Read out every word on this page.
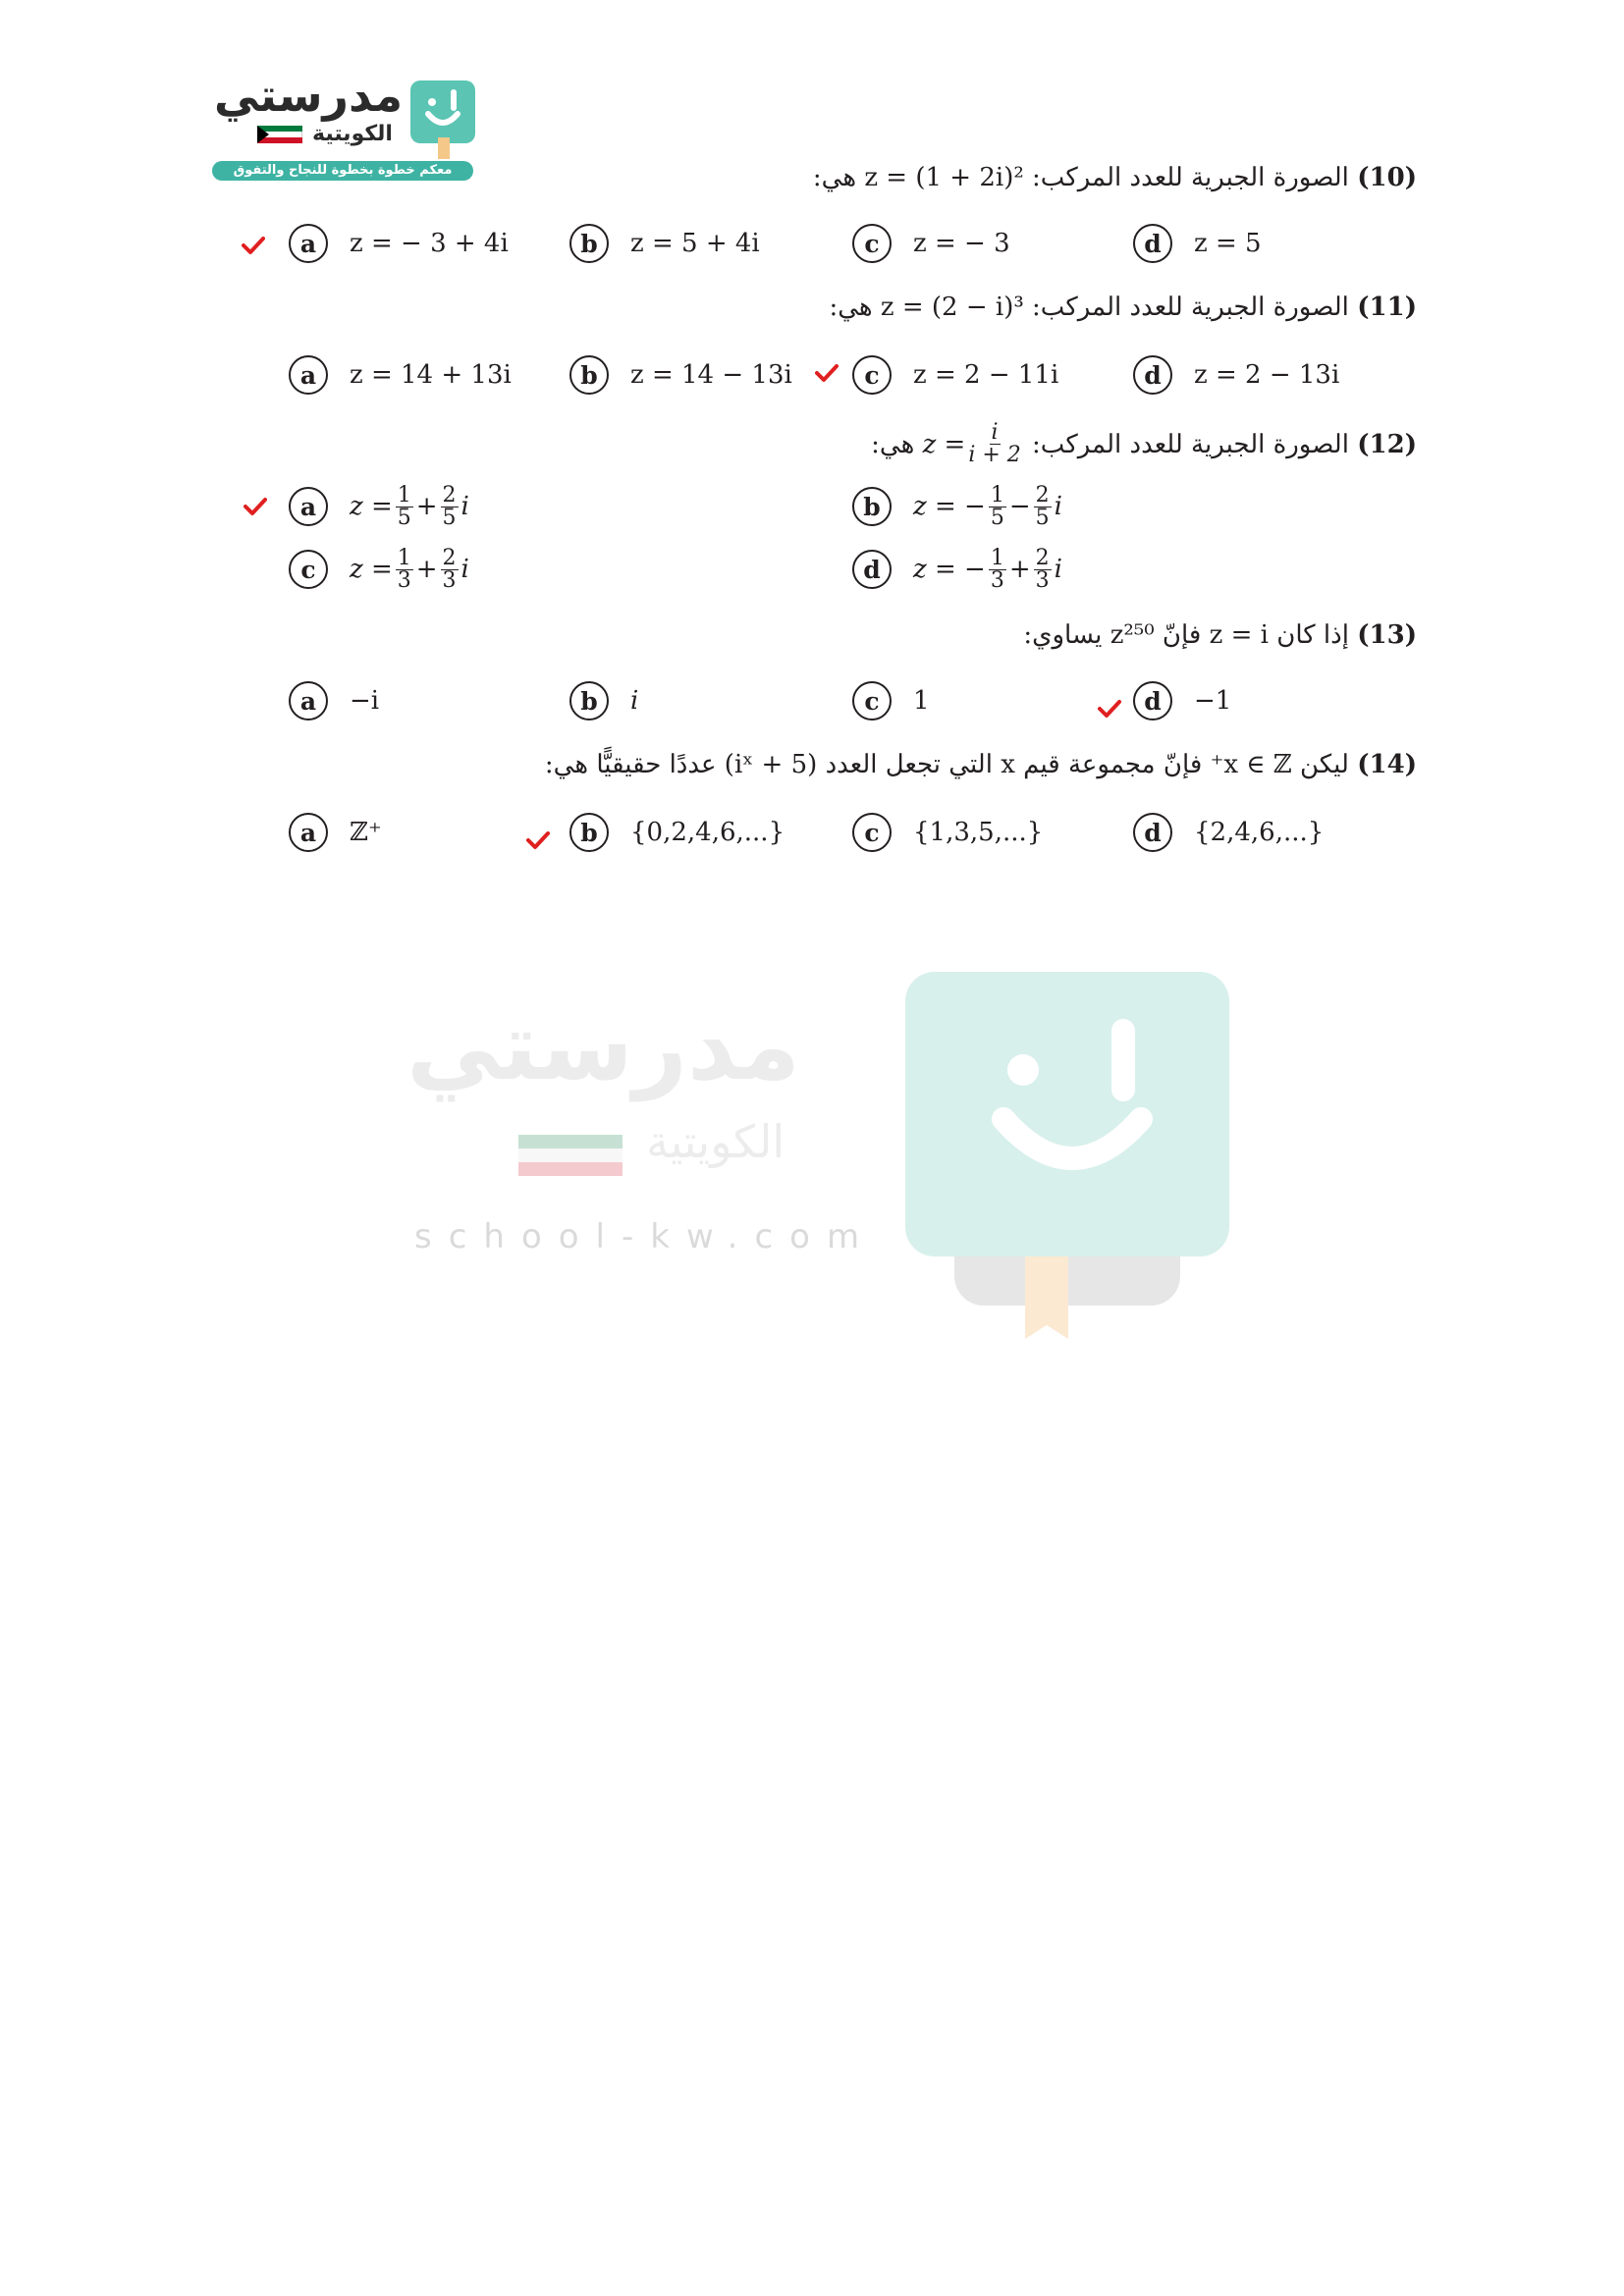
مدرستي
الكويتية
معكم خطوة بخطوة للنجاح والتفوق	(10) الصورة الجبرية للعدد المركب: z = (1 + 2i)² هي:
a	z = − 3 + 4i	b	z = 5 + 4i	c	z = − 3	d	z = 5
(11) الصورة الجبرية للعدد المركب: z = (2 − i)³ هي:
a	z = 14 + 13i	b	z = 14 − 13i	c	z = 2 − 11i	d	z = 2 − 13i
(12)

الصورة الجبرية للعدد المركب:

$z = \frac{i}{i + 2}$

هي:
a	$z = \frac{1}{5} + \frac{2}{5}$ i	b	z = − $\frac{1}{5} - \frac{2}{5}$ i
c	$z = \frac{1}{3} + \frac{2}{3}$ i	d	z = − $\frac{1}{3} + \frac{2}{3}$ i
(13) إذا كان z = i فإنّ z²⁵⁰ يساوي:
a	−i	b	i	c	1	d	−1
(14) ليكن x ∈ ℤ⁺ فإنّ مجموعة قيم x التي تجعل العدد (5 + iˣ) عددًا حقيقيًّا هي:
a	ℤ⁺	b	{0,2,4,6,...}	c	{1,3,5,...}	d	{2,4,6,...}
مدرستي
الكويتية
school-kw.com
